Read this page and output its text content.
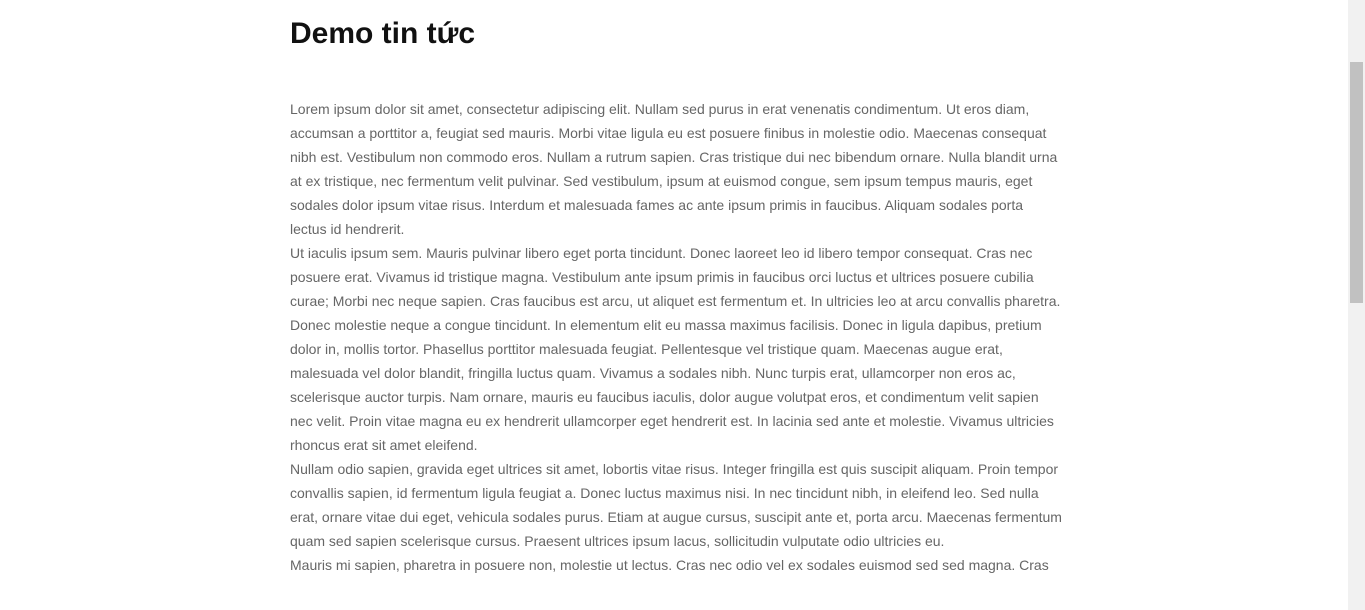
Demo tin tức

Lorem ipsum dolor sit amet, consectetur adipiscing elit. Nullam sed purus in erat venenatis condimentum. Ut eros diam, accumsan a porttitor a, feugiat sed mauris. Morbi vitae ligula eu est posuere finibus in molestie odio. Maecenas consequat nibh est. Vestibulum non commodo eros. Nullam a rutrum sapien. Cras tristique dui nec bibendum ornare. Nulla blandit urna at ex tristique, nec fermentum velit pulvinar. Sed vestibulum, ipsum at euismod congue, sem ipsum tempus mauris, eget sodales dolor ipsum vitae risus. Interdum et malesuada fames ac ante ipsum primis in faucibus. Aliquam sodales porta lectus id hendrerit.

Ut iaculis ipsum sem. Mauris pulvinar libero eget porta tincidunt. Donec laoreet leo id libero tempor consequat. Cras nec posuere erat. Vivamus id tristique magna. Vestibulum ante ipsum primis in faucibus orci luctus et ultrices posuere cubilia curae; Morbi nec neque sapien. Cras faucibus est arcu, ut aliquet est fermentum et. In ultricies leo at arcu convallis pharetra.

Donec molestie neque a congue tincidunt. In elementum elit eu massa maximus facilisis. Donec in ligula dapibus, pretium dolor in, mollis tortor. Phasellus porttitor malesuada feugiat. Pellentesque vel tristique quam. Maecenas augue erat, malesuada vel dolor blandit, fringilla luctus quam. Vivamus a sodales nibh. Nunc turpis erat, ullamcorper non eros ac, scelerisque auctor turpis. Nam ornare, mauris eu faucibus iaculis, dolor augue volutpat eros, et condimentum velit sapien nec velit. Proin vitae magna eu ex hendrerit ullamcorper eget hendrerit est. In lacinia sed ante et molestie. Vivamus ultricies rhoncus erat sit amet eleifend.

Nullam odio sapien, gravida eget ultrices sit amet, lobortis vitae risus. Integer fringilla est quis suscipit aliquam. Proin tempor convallis sapien, id fermentum ligula feugiat a. Donec luctus maximus nisi. In nec tincidunt nibh, in eleifend leo. Sed nulla erat, ornare vitae dui eget, vehicula sodales purus. Etiam at augue cursus, suscipit ante et, porta arcu. Maecenas fermentum quam sed sapien scelerisque cursus. Praesent ultrices ipsum lacus, sollicitudin vulputate odio ultricies eu.

Mauris mi sapien, pharetra in posuere non, molestie ut lectus. Cras nec odio vel ex sodales euismod sed sed magna. Cras
